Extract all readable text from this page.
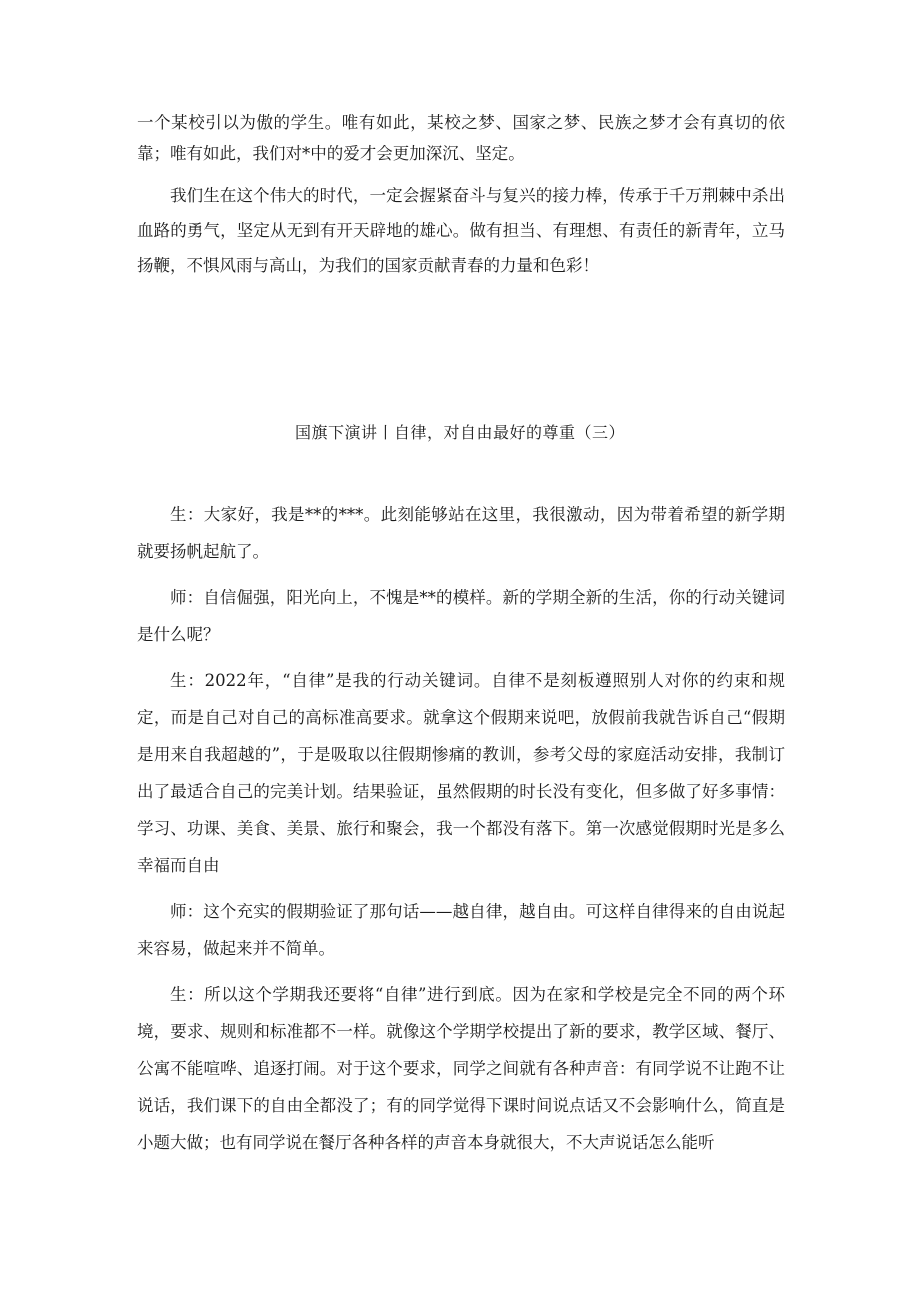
一个某校引以为傲的学生。唯有如此，某校之梦、国家之梦、民族之梦才会有真切的依靠；唯有如此，我们对*中的爱才会更加深沉、坚定。

我们生在这个伟大的时代，一定会握紧奋斗与复兴的接力棒，传承于千万荆棘中杀出血路的勇气，坚定从无到有开天辟地的雄心。做有担当、有理想、有责任的新青年，立马扬鞭，不惧风雨与高山，为我们的国家贡献青春的力量和色彩！

国旗下演讲丨自律，对自由最好的尊重（三）

生：大家好，我是**的***。此刻能够站在这里，我很激动，因为带着希望的新学期就要扬帆起航了。

师：自信倔强，阳光向上，不愧是**的模样。新的学期全新的生活，你的行动关键词是什么呢？

生：2022年，“自律”是我的行动关键词。自律不是刻板遵照别人对你的约束和规定，而是自己对自己的高标准高要求。就拿这个假期来说吧，放假前我就告诉自己“假期是用来自我超越的”，于是吸取以往假期惨痛的教训，参考父母的家庭活动安排，我制订出了最适合自己的完美计划。结果验证，虽然假期的时长没有变化，但多做了好多事情：学习、功课、美食、美景、旅行和聚会，我一个都没有落下。第一次感觉假期时光是多么幸福而自由

师：这个充实的假期验证了那句话——越自律，越自由。可这样自律得来的自由说起来容易，做起来并不简单。

生：所以这个学期我还要将“自律”进行到底。因为在家和学校是完全不同的两个环境，要求、规则和标准都不一样。就像这个学期学校提出了新的要求，教学区域、餐厅、公寓不能喧哗、追逐打闹。对于这个要求，同学之间就有各种声音：有同学说不让跑不让说话，我们课下的自由全都没了；有的同学觉得下课时间说点话又不会影响什么，简直是小题大做；也有同学说在餐厅各种各样的声音本身就很大，不大声说话怎么能听
